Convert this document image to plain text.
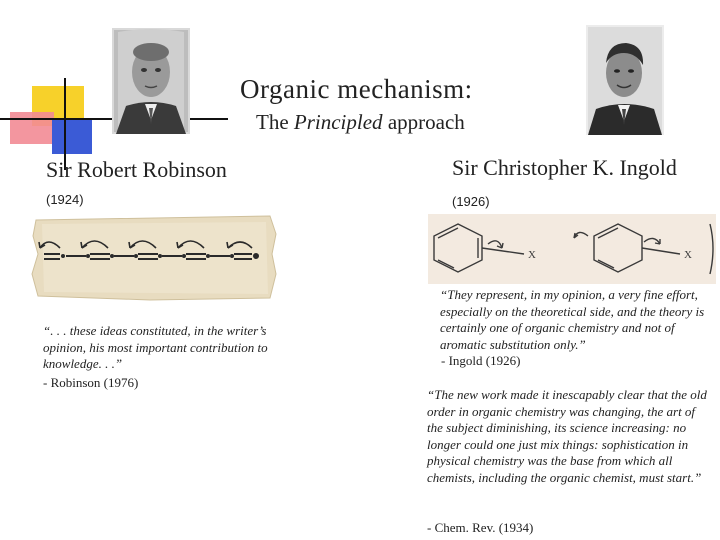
Organic mechanism:
The Principled approach
Sir Robert Robinson
(1924)
“. . . these ideas constituted, in the writer’s opinion, his most important contribution to knowledge. . .”
- Robinson (1976)
Sir Christopher K. Ingold
(1926)
X	X
“They represent, in my opinion, a very fine effort, especially on the theoretical side, and the theory is certainly one of organic chemistry and not of aromatic substitution only.”
- Ingold (1926)
“The new work made it inescapably clear that the old order in organic chemistry was changing, the art of the subject diminishing, its science increasing: no longer could one just mix things: sophistication in
physical chemistry was the base from which all chemists, including the organic chemist, must start.”
- Chem. Rev. (1934)
